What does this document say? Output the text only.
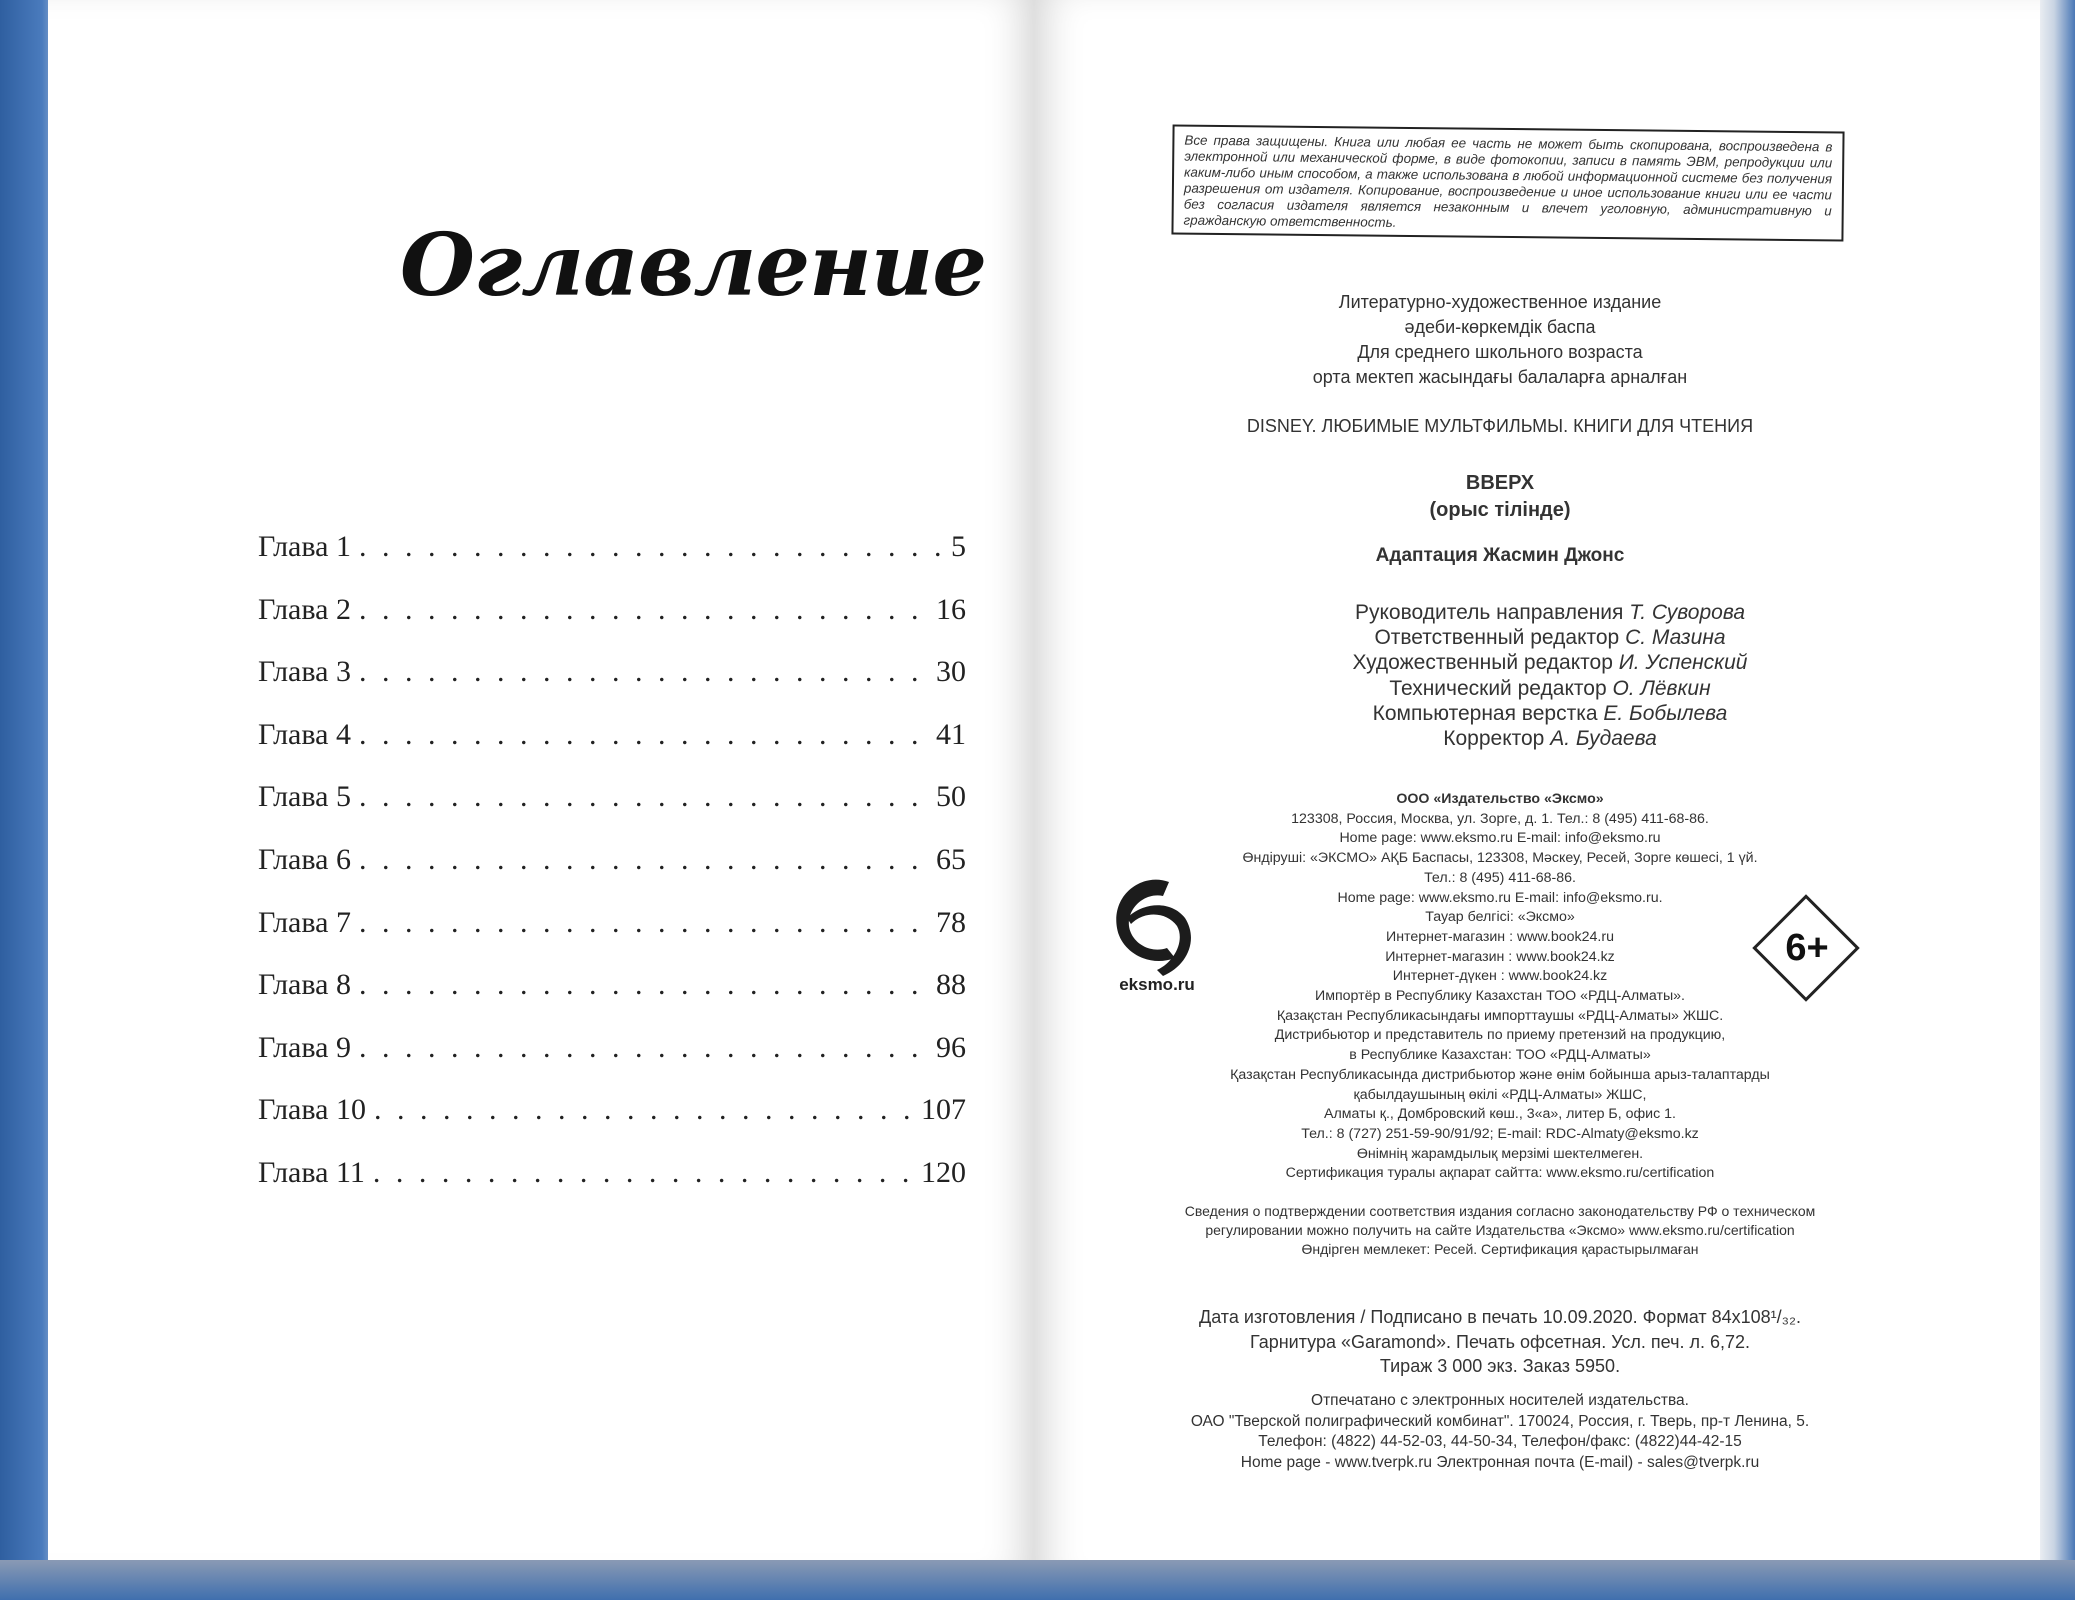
Оглавление
Глава 1 . . .	5
Глава 2 . . .	16
Глава 3 . . .	30
Глава 4 . . .	41
Глава 5 . . .	50
Глава 6 . . .	65
Глава 7 . . .	78
Глава 8 . . .	88
Глава 9 . . .	96
Глава 10 . . .	107
Глава 11 . . .	120
Все права защищены. Книга или любая ее часть не может быть скопирована, воспроизведена в электронной или механической форме, в виде фотокопии, записи в память ЭВМ, репродукции или каким-либо иным способом, а также использована в любой информационной системе без получения разрешения от издателя. Копирование, воспроизведение и иное использование книги или ее части без согласия издателя является незаконным и влечет уголовную, административную и гражданскую ответственность.
Литературно-художественное издание
әдеби-көркемдік баспа
Для среднего школьного возраста
орта мектеп жасындағы балаларға арналған
DISNEY. ЛЮБИМЫЕ МУЛЬТФИЛЬМЫ. КНИГИ ДЛЯ ЧТЕНИЯ
ВВЕРХ
(орыс тілінде)
Адаптация Жасмин Джонс
Руководитель направления Т. Суворова
Ответственный редактор С. Мазина
Художественный редактор И. Успенский
Технический редактор О. Лёвкин
Компьютерная верстка Е. Бобылева
Корректор А. Будаева
ООО «Издательство «Эксмо»
123308, Россия, Москва, ул. Зорге, д. 1. Тел.: 8 (495) 411-68-86.
Home page: www.eksmo.ru E-mail: info@eksmo.ru
Өндіруші: «ЭКСМО» АҚБ Баспасы, 123308, Мәскеу, Ресей, Зорге көшесі, 1 үй.
Тел.: 8 (495) 411-68-86.
Home page: www.eksmo.ru E-mail: info@eksmo.ru.
Тауар белгісі: «Эксмо»
Интернет-магазин : www.book24.ru
Интернет-магазин : www.book24.kz
Интернет-дүкен : www.book24.kz
Импортёр в Республику Казахстан ТОО «РДЦ-Алматы».
Қазақстан Республикасындағы импорттаушы «РДЦ-Алматы» ЖШС.
Дистрибьютор и представитель по приему претензий на продукцию,
в Республике Казахстан: ТОО «РДЦ-Алматы»
Қазақстан Республикасында дистрибьютор және өнім бойынша арыз-талаптарды
қабылдаушының өкілі «РДЦ-Алматы» ЖШС,
Алматы қ., Домбровский көш., 3«а», литер Б, офис 1.
Тел.: 8 (727) 251-59-90/91/92; E-mail: RDC-Almaty@eksmo.kz
Өнімнің жарамдылық мерзімі шектелмеген.
Сертификация туралы ақпарат сайтта: www.eksmo.ru/certification
eksmo.ru
6+
Сведения о подтверждении соответствия издания согласно законодательству РФ о техническом
регулировании можно получить на сайте Издательства «Эксмо» www.eksmo.ru/certification
Өндірген мемлекет: Ресей. Сертификация қарастырылмаған
Дата изготовления / Подписано в печать 10.09.2020. Формат 84x108¹/₃₂.
Гарнитура «Garamond». Печать офсетная. Усл. печ. л. 6,72.
Тираж 3 000 экз. Заказ 5950.
Отпечатано с электронных носителей издательства.
ОАО "Тверской полиграфический комбинат". 170024, Россия, г. Тверь, пр-т Ленина, 5.
Телефон: (4822) 44-52-03, 44-50-34, Телефон/факс: (4822)44-42-15
Home page - www.tverpk.ru Электронная почта (E-mail) - sales@tverpk.ru
